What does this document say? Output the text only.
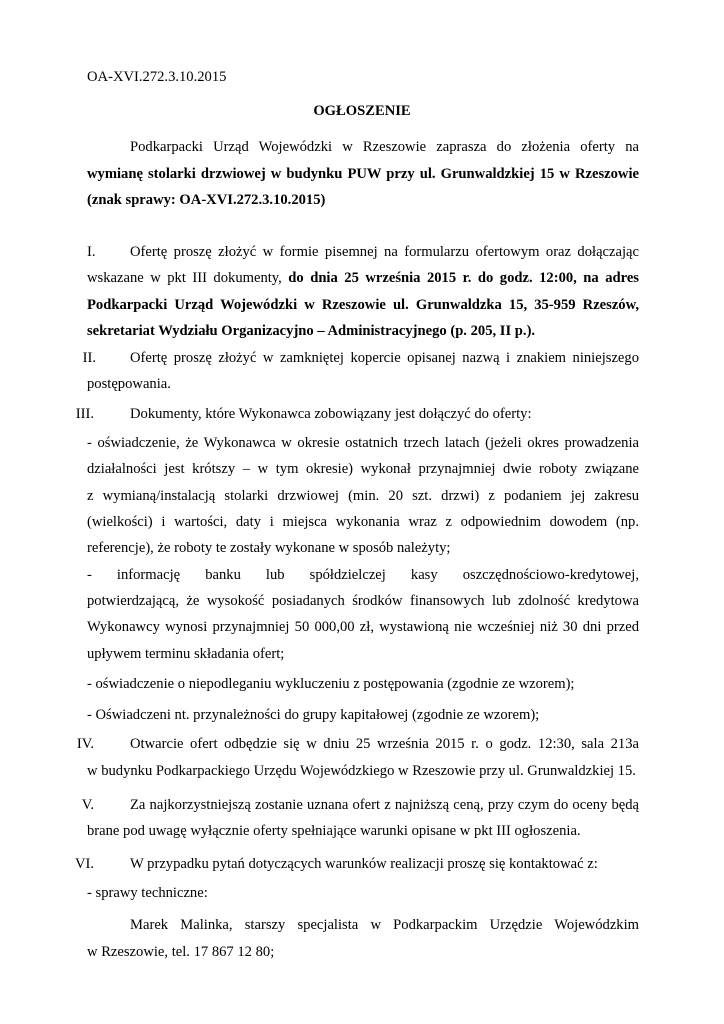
OA-XVI.272.3.10.2015
OGŁOSZENIE
Podkarpacki Urząd Wojewódzki w Rzeszowie zaprasza do złożenia oferty na
wymianę stolarki drzwiowej w budynku PUW przy ul. Grunwaldzkiej 15 w Rzeszowie
(znak sprawy: OA-XVI.272.3.10.2015)
I.	Ofertę proszę złożyć w formie pisemnej na formularzu ofertowym oraz dołączając
wskazane w pkt III dokumenty, do dnia 25 września 2015 r. do godz. 12:00, na adres
Podkarpacki Urząd Wojewódzki w Rzeszowie ul. Grunwaldzka 15, 35-959 Rzeszów,
sekretariat Wydziału Organizacyjno – Administracyjnego (p. 205, II p.).
II. Ofertę proszę złożyć w zamkniętej kopercie opisanej nazwą i znakiem niniejszego
postępowania.
III. Dokumenty, które Wykonawca zobowiązany jest dołączyć do oferty:
- oświadczenie, że Wykonawca w okresie ostatnich trzech latach (jeżeli okres prowadzenia
działalności jest krótszy – w tym okresie) wykonał przynajmniej dwie roboty związane
z wymianą/instalacją stolarki drzwiowej (min. 20 szt. drzwi) z podaniem jej zakresu
(wielkości) i wartości, daty i miejsca wykonania wraz z odpowiednim dowodem (np.
referencje), że roboty te zostały wykonane w sposób należyty;
- informację banku lub spółdzielczej kasy oszczędnościowo-kredytowej,
potwierdzającą, że wysokość posiadanych środków finansowych lub zdolność kredytowa
Wykonawcy wynosi przynajmniej 50 000,00 zł, wystawioną nie wcześniej niż 30 dni przed
upływem terminu składania ofert;
- oświadczenie o niepodleganiu wykluczeniu z postępowania (zgodnie ze wzorem);
- Oświadczeni nt. przynależności do grupy kapitałowej (zgodnie ze wzorem);
IV. Otwarcie ofert odbędzie się w dniu 25 września 2015 r. o godz. 12:30, sala 213a
w budynku Podkarpackiego Urzędu Wojewódzkiego w Rzeszowie przy ul. Grunwaldzkiej 15.
V. Za najkorzystniejszą zostanie uznana ofert z najniższą ceną, przy czym do oceny będą
brane pod uwagę wyłącznie oferty spełniające warunki opisane w pkt III ogłoszenia.
VI. W przypadku pytań dotyczących warunków realizacji proszę się kontaktować z:
- sprawy techniczne:
Marek Malinka, starszy specjalista w Podkarpackim Urzędzie Wojewódzkim
w Rzeszowie, tel. 17 867 12 80;
